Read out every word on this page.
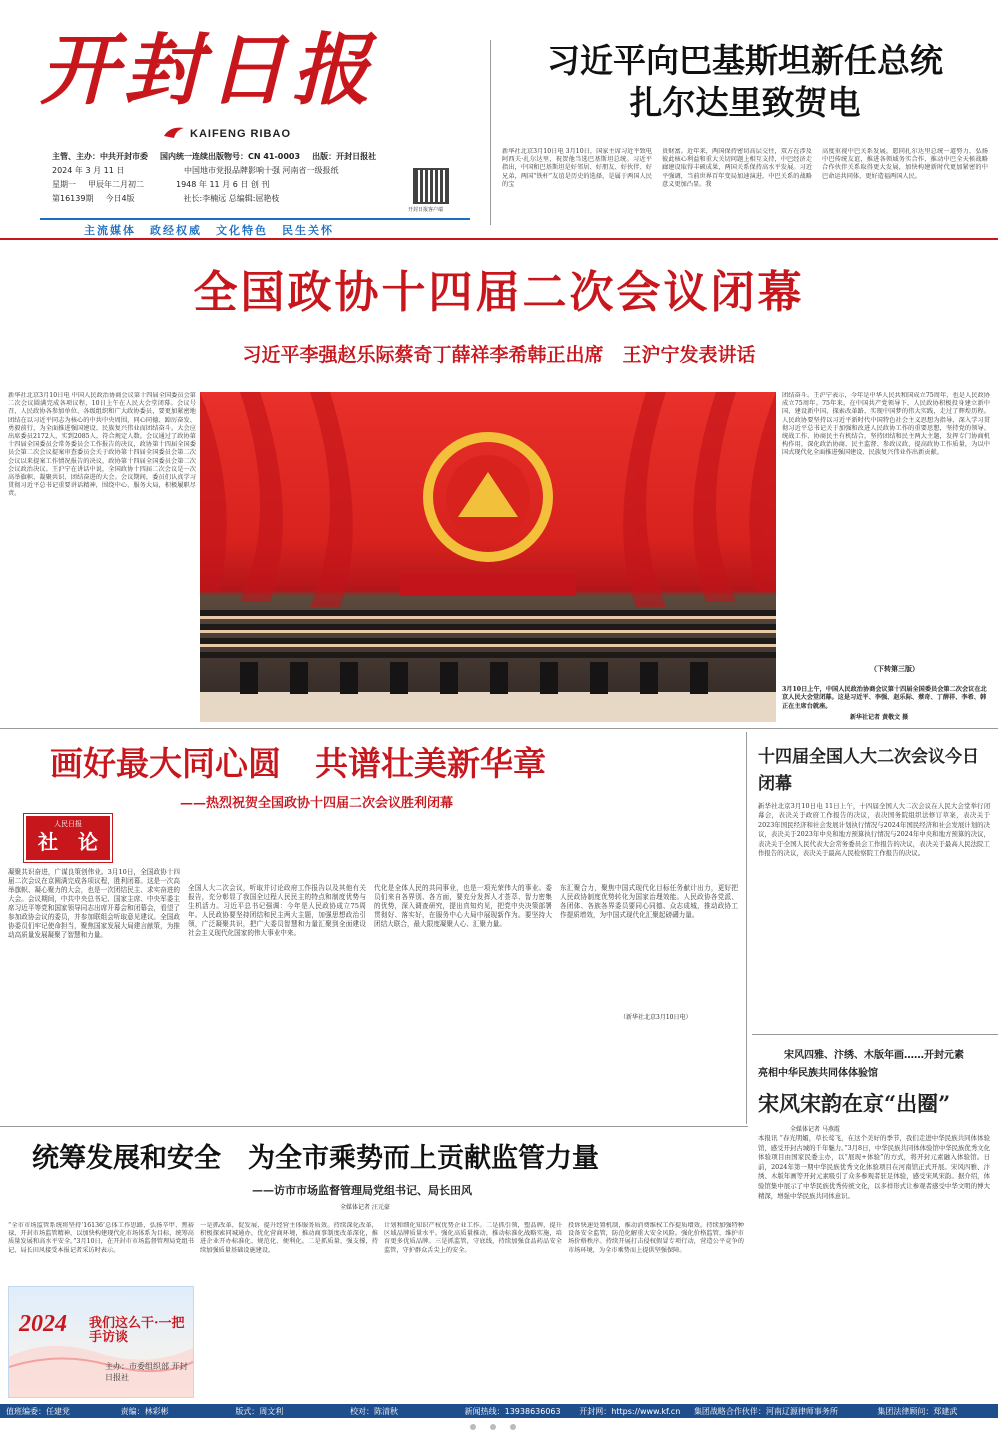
开封日报
KAIFENG RIBAO
主管、主办：中共开封市委 国内统一连续出版物号：CN 41-0003 出版：开封日报社
2024 年 3 月 11 日	中国地市党报品牌影响十强 河南省一级报纸
星期一 甲辰年二月初二	1948 年 11 月 6 日 创 刊
第16139期 今日4版	社长:李楠远 总编辑:屈艳枝
开封日报客户端
主流媒体 政经权威 文化特色 民生关怀
习近平向巴基斯坦新任总统
扎尔达里致贺电
新华社北京3月10日电 3月10日，国家主席习近平致电阿西夫·扎尔达里，祝贺他当选巴基斯坦总统。习近平指出，中国和巴基斯坦是好邻居、好朋友、好伙伴、好兄弟，两国“铁杆”友谊是历史的选择，是属于两国人民的宝
贵财富。近年来，两国保持密切高层交往，双方在涉及彼此核心利益和重大关切问题上相互支持，中巴经济走廊建设取得丰硕成果，两国关系保持高水平发展。习近平强调，当前世界百年变局加速演进，中巴关系的战略意义更加凸显。我
高度重视中巴关系发展，愿同扎尔达里总统一道努力，弘扬中巴传统友谊，推进各领域务实合作，推动中巴全天候战略合作伙伴关系取得更大发展，加快构建新时代更加紧密的中巴命运共同体，更好造福两国人民。
全国政协十四届二次会议闭幕
习近平李强赵乐际蔡奇丁薛祥李希韩正出席　王沪宁发表讲话
新华社北京3月10日电 中国人民政治协商会议第十四届全国委员会第二次会议圆满完成各项议程，10日上午在人民大会堂闭幕。会议号召，人民政协各参加单位、各级组织和广大政协委员，要更加紧密地团结在以习近平同志为核心的中共中央周围，同心同德、踔厉奋发、勇毅前行，为全面推进强国建设、民族复兴伟业而团结奋斗。大会应出席委员2172人，实到2085人，符合规定人数。会议通过了政协第十四届全国委员会常务委员会工作报告的决议，政协第十四届全国委员会第二次会议提案审查委员会关于政协第十四届全国委员会第二次会议以来提案工作情况报告的决议，政协第十四届全国委员会第二次会议政治决议。王沪宁在讲话中说，全国政协十四届二次会议是一次高举旗帜、凝聚共识、团结奋进的大会。会议期间，委员们认真学习贯彻习近平总书记重要讲话精神，围绕中心、服务大局，积极履职尽责。
团结奋斗。王沪宁表示，今年是中华人民共和国成立75周年，也是人民政协成立75周年。75年来，在中国共产党领导下，人民政协积极投身建立新中国、建设新中国、探索改革路、实现中国梦的伟大实践，走过了辉煌历程。人民政协要坚持以习近平新时代中国特色社会主义思想为指导，深入学习贯彻习近平总书记关于加强和改进人民政协工作的重要思想，坚持党的领导、统战工作、协商民主有机结合，坚持团结和民主两大主题，发挥专门协商机构作用，深化政治协商、民主监督、参政议政，提高政协工作质量，为以中国式现代化全面推进强国建设、民族复兴伟业作出新贡献。
（下转第三版）
3月10日上午，中国人民政治协商会议第十四届全国委员会第二次会议在北京人民大会堂闭幕。这是习近平、李强、赵乐际、蔡奇、丁薛祥、李希、韩正在主席台就座。
新华社记者 黄敬文 摄
画好最大同心圆 共谱壮美新华章
——热烈祝贺全国政协十四届二次会议胜利闭幕
人民日报
社　论
凝聚共识奋进，广谋良策创伟业。3月10日，全国政协十四届二次会议在京圆满完成各项议程，胜利闭幕。这是一次高举旗帜、凝心聚力的大会，也是一次团结民主、求实奋进的大会。会议期间，中共中央总书记、国家主席、中央军委主席习近平等党和国家领导同志出席开幕会和闭幕会，看望了参加政协会议的委员，并参加联组会听取意见建议。全国政协委员们牢记使命担当，聚焦国家发展大局建言献策，为推动高质量发展凝聚了智慧和力量。
全国人大二次会议，听取并讨论政府工作报告以及其他有关报告，充分彰显了我国全过程人民民主的特点和制度优势与生机活力。习近平总书记强调：今年是人民政协成立75周年。人民政协要坚持团结和民主两大主题，加强思想政治引领，广泛凝聚共识，把广大委员智慧和力量汇聚到全面建设社会主义现代化国家的伟大事业中来。
代化是全体人民的共同事业，也是一项光荣伟大的事业。委员们来自各界别、各方面，要充分发挥人才荟萃、智力密集的优势，深入调查研究，提出真知灼见，把党中央决策部署贯彻好、落实好，在服务中心大局中展现新作为。要坚持大团结大联合，最大限度凝聚人心、汇聚力量。
东汇聚合力，聚焦中国式现代化目标任务献计出力，更好把人民政协制度优势转化为国家治理效能。人民政协各党派、各团体、各族各界委员要同心同德、众志成城，推动政协工作提质增效，为中国式现代化汇聚起磅礴力量。
（新华社北京3月10日电）
十四届全国人大二次会议今日闭幕
新华社北京3月10日电 11日上午，十四届全国人大二次会议在人民大会堂举行闭幕会，表决关于政府工作报告的决议，表决国务院组织法修订草案，表决关于2023年国民经济和社会发展计划执行情况与2024年国民经济和社会发展计划的决议，表决关于2023年中央和地方预算执行情况与2024年中央和地方预算的决议，表决关于全国人民代表大会常务委员会工作报告的决议，表决关于最高人民法院工作报告的决议，表决关于最高人民检察院工作报告的决议。
宋风四雅、汴绣、木版年画……开封元素
亮相中华民族共同体体验馆
宋风宋韵在京“出圈”
全媒体记者 马燕霞
本报讯 “春光明媚，草长莺飞，在这个美好的季节，我们走进中华民族共同体体验馆，感受开封古城的千年魅力。”3月8日，中华民族共同体体验馆中华民族优秀文化体验项目由国家民委主办，以“展现+体验”的方式，将开封元素融入体验馆。日前，2024年第一期中华民族优秀文化体验项目在河南馆正式开展。宋风四雅、汴绣、木版年画等开封元素吸引了众多参观者驻足体验，感受宋风宋韵。据介绍，体验馆集中展示了中华民族优秀传统文化，以多样形式让参观者感受中华文明的博大精深，增强中华民族共同体意识。
统筹发展和安全　为全市乘势而上贡献监管力量
——访市市场监督管理局党组书记、局长田风
全媒体记者 汪元豪
“全市市场监管系统将坚持‘16136’总体工作思路，弘扬辛甲、焦裕禄、开封市场监管精神，以加快构建现代化市场体系为目标，统筹高质量发展和高水平安全。”3月10日，在开封市市场监督管理局党组书记、局长田风接受本报记者采访时表示。
一是抓改革，促发展，提升经营主体服务质效。持续深化改革，积极探索同城通办，优化营商环境，推动商事制度改革深化，推进企业开办标准化、规范化、便利化。二是抓质量，强支撑，持续加强质量基础设施建设。
计划和细化知识产权优势企业工作。二是抓引领，塑品牌，提升区域品牌质量水平。强化高质量推动，推动标准化战略实施，培育更多优质品牌。三是抓监管，守底线，持续加强食品药品安全监管，守护群众舌尖上的安全。
投诉快速处置机制，推动消费维权工作提质增效。持续加强特种设备安全监管，防范化解重大安全风险。强化价格监管，维护市场价格秩序。持续开展打击侵权假冒专项行动，营造公平竞争的市场环境，为全市乘势而上提供坚强保障。
2024 我们这么干·一把手访谈
主办：市委组织部 开封日报社
值班编委：任建党	责编：林彩彬	版式：周文利	校对：陈清秋	新闻热线：13938636063	开封网：https://www.kf.cn	集团战略合作伙伴：河南辽源律师事务所	集团法律顾问：郑建武
